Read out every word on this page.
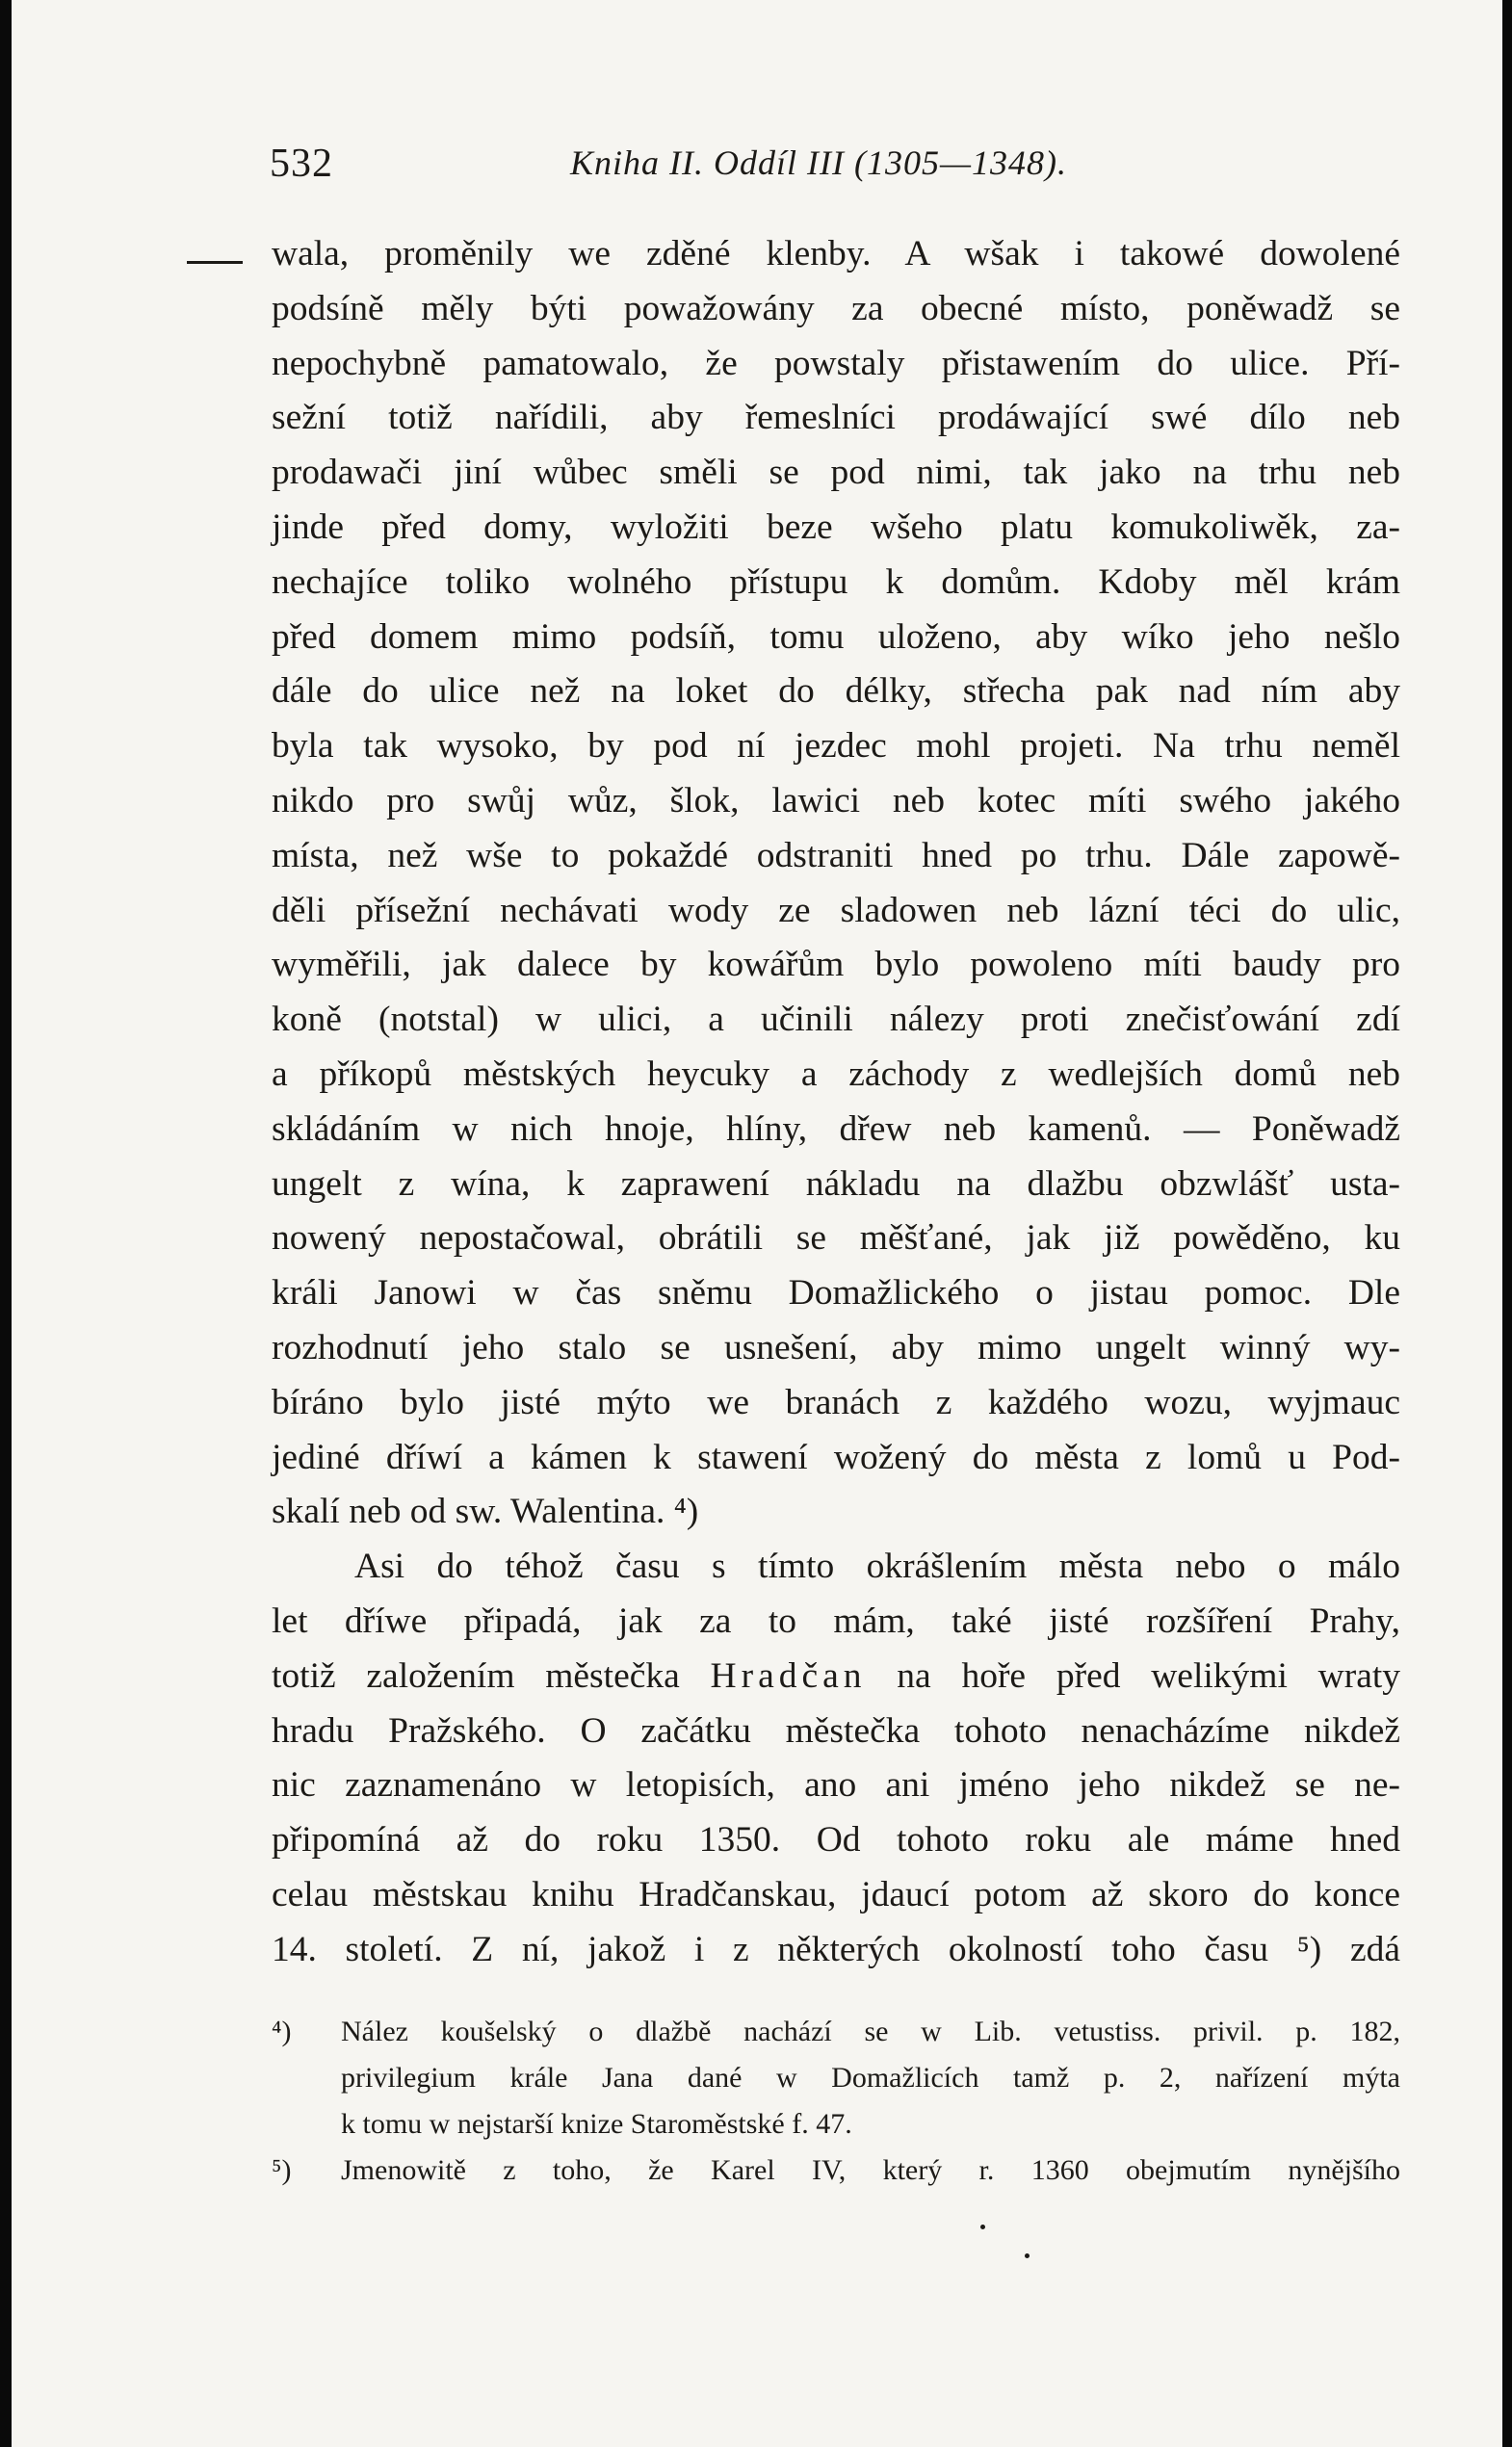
532	Kniha II. Oddíl III (1305—1348).
wala, proměnily we zděné klenby. A wšak i takowé dowolené
podsíně měly býti powažowány za obecné místo, poněwadž se
nepochybně pamatowalo, že powstaly přistawením do ulice. Pří-
sežní totiž nařídili, aby řemeslníci prodáwající swé dílo neb
prodawači jiní wůbec směli se pod nimi, tak jako na trhu neb
jinde před domy, wyložiti beze wšeho platu komukoliwěk, za-
nechajíce toliko wolného přístupu k domům. Kdoby měl krám
před domem mimo podsíň, tomu uloženo, aby wíko jeho nešlo
dále do ulice než na loket do délky, střecha pak nad ním aby
byla tak wysoko, by pod ní jezdec mohl projeti. Na trhu neměl
nikdo pro swůj wůz, šlok, lawici neb kotec míti swého jakého
místa, než wše to pokaždé odstraniti hned po trhu. Dále zapowě-
děli přísežní nechávati wody ze sladowen neb lázní téci do ulic,
wyměřili, jak dalece by kowářům bylo powoleno míti baudy pro
koně (notstal) w ulici, a učinili nálezy proti znečisťowání zdí
a příkopů městských heycuky a záchody z wedlejších domů neb
skládáním w nich hnoje, hlíny, dřew neb kamenů. — Poněwadž
ungelt z wína, k zaprawení nákladu na dlažbu obzwlášť usta-
nowený nepostačowal, obrátili se měšťané, jak již powěděno, ku
králi Janowi w čas sněmu Domažlického o jistau pomoc. Dle
rozhodnutí jeho stalo se usnešení, aby mimo ungelt winný wy-
bíráno bylo jisté mýto we branách z každého wozu, wyjmauc
jediné dříwí a kámen k stawení wožený do města z lomů u Pod-
skalí neb od sw. Walentina. ⁴)
Asi do téhož času s tímto okrášlením města nebo o málo
let dříwe připadá, jak za to mám, také jisté rozšíření Prahy,
totiž založením městečka Hradčan na hoře před welikými wraty
hradu Pražského. O začátku městečka tohoto nenacházíme nikdež
nic zaznamenáno w letopisích, ano ani jméno jeho nikdež se ne-
připomíná až do roku 1350. Od tohoto roku ale máme hned
celau městskau knihu Hradčanskau, jdaucí potom až skoro do konce
14. století. Z ní, jakož i z některých okolností toho času ⁵) zdá
⁴) Nález koušelský o dlažbě nachází se w Lib. vetustiss. privil. p. 182,
privilegium krále Jana dané w Domažlicích tamž p. 2, nařízení mýta
k tomu w nejstarší knize Staroměstské f. 47.
⁵) Jmenowitě z toho, že Karel IV, který r. 1360 obejmutím nynějšího
